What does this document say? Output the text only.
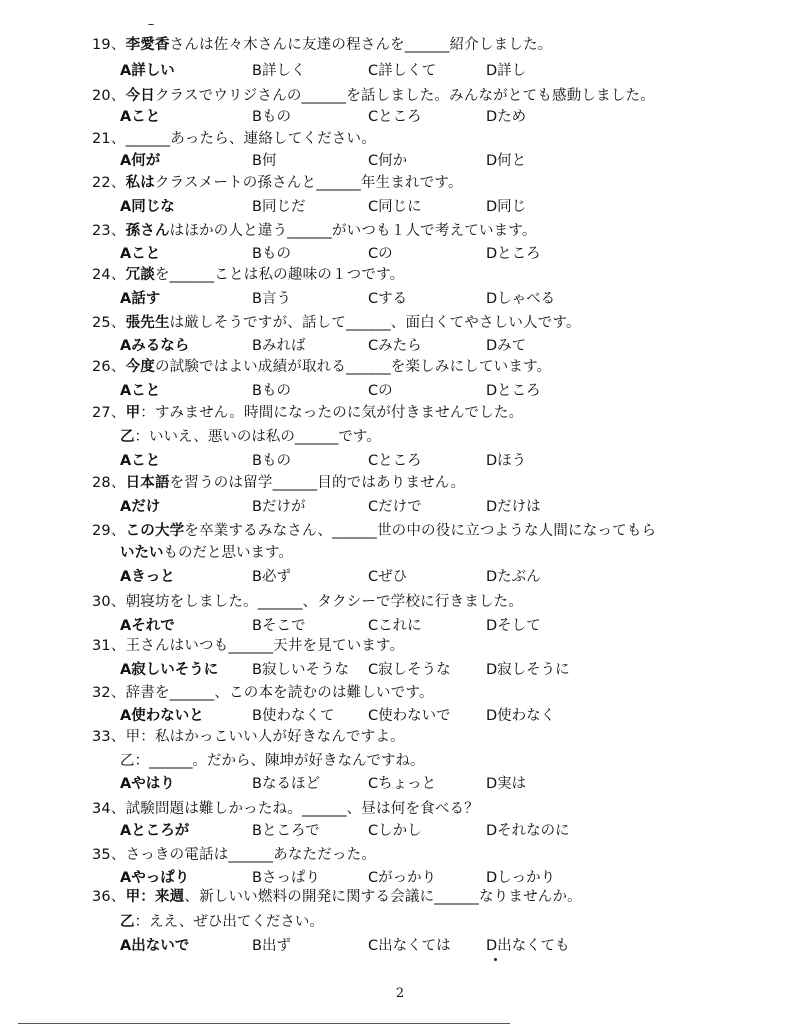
19、李愛香さんは佐々木さんに友達の程さんを______紹介しました。
A詳しい	B詳しく	C詳しくて	D詳し
20、今日クラスでウリジさんの______を話しました。みんながとても感動しました。
Aこと	Bもの	Cところ	Dため
21、______あったら、連絡してください。
A何が	B何	C何か	D何と
22、私はクラスメートの孫さんと______年生まれです。
A同じな	B同じだ	C同じに	D同じ
23、孫さんはほかの人と違う______がいつも１人で考えています。
Aこと	Bもの	Cの	Dところ
24、冗談を______ことは私の趣味の１つです。
A話す	B言う	Cする	Dしゃべる
25、張先生は厳しそうですが、話して______、面白くてやさしい人です。
Aみるなら	Bみれば	Cみたら	Dみて
26、今度の試験ではよい成績が取れる______を楽しみにしています。
Aこと	Bもの	Cの	Dところ
27、甲：すみません。時間になったのに気が付きませんでした。
乙：いいえ、悪いのは私の______です。
Aこと	Bもの	Cところ	Dほう
28、日本語を習うのは留学______目的ではありません。
Aだけ	Bだけが	Cだけで	Dだけは
29、この大学を卒業するみなさん、______世の中の役に立つような人間になってもら
いたいものだと思います。
Aきっと	B必ず	Cぜひ	Dたぶん
30、朝寝坊をしました。______、タクシーで学校に行きました。
Aそれで	Bそこで	Cこれに	Dそして
31、王さんはいつも______天井を見ています。
A寂しいそうに B寂しいそうな C寂しそうな D寂しそうに
32、辞書を______、この本を読むのは難しいです。
A使わないと	B使わなくて C使わないで D使わなく
33、甲：私はかっこいい人が好きなんですよ。
乙：______。だから、陳坤が好きなんですね。
Aやはり	Bなるほど	Cちょっと	D実は
34、試験問題は難しかったね。______、昼は何を食べる？
Aところが	Bところで	Cしかし	Dそれなのに
35、さっきの電話は______あなただった。
Aやっぱり	Bさっぱり	Cがっかり	Dしっかり
36、甲：来週、新しいい燃料の開発に関する会議に______なりませんか。
乙：ええ、ぜひ出てください。
A出ないで	B出ず	C出なくては D出なくても
2
